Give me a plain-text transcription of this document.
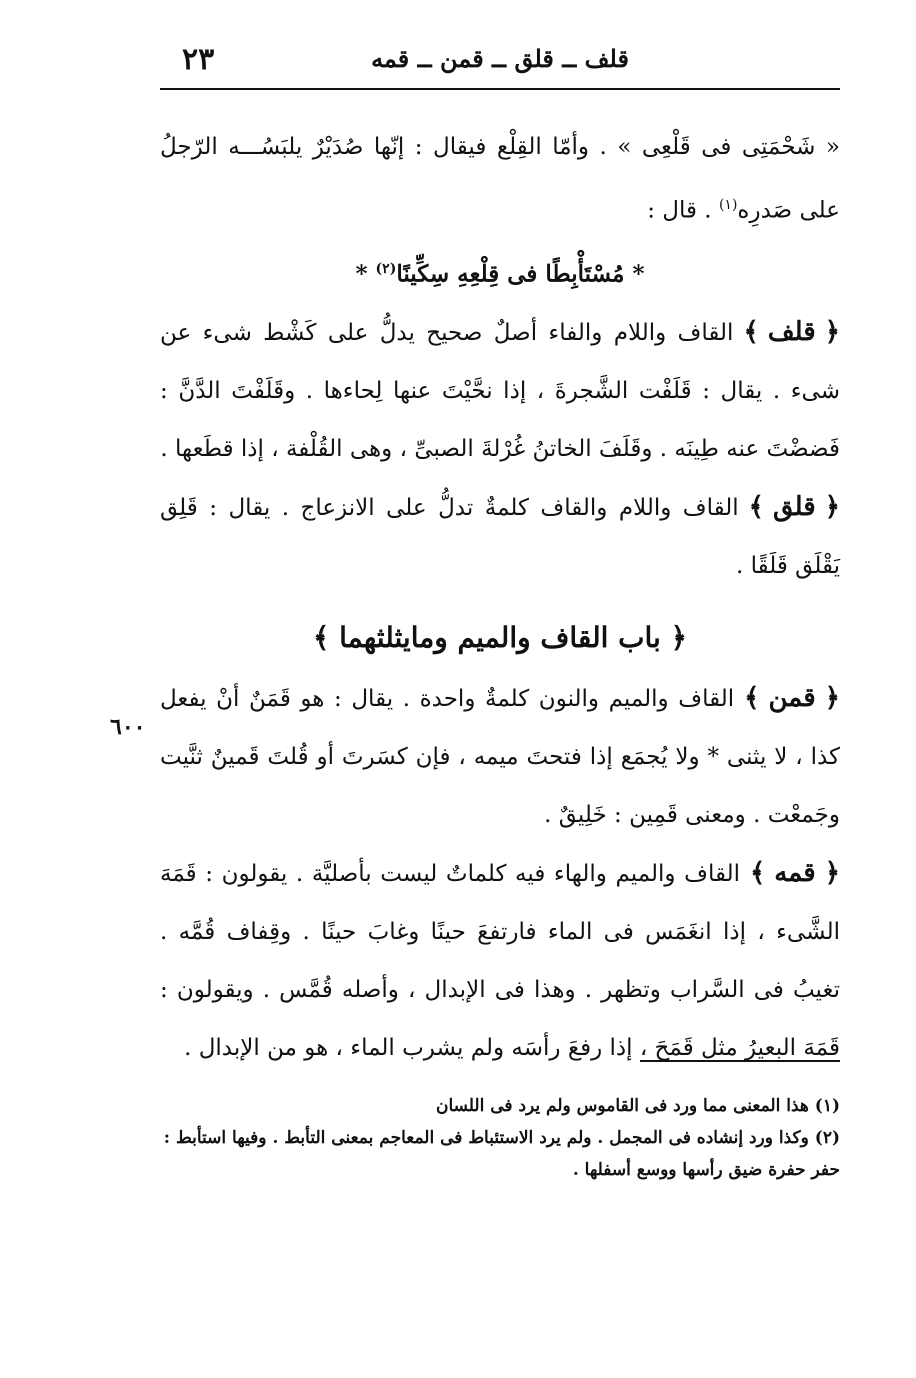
٢٣	قلف ــ قلق ــ قمن ــ قمه

« شَحْمَتِى فى قَلْعِى » . وأمّا القِلْع فيقال : إنّها صُدَيْرٌ يلبَسُـــه الرّجلُ على صَدرِه$^{(١)}$ . قال :

* مُسْتَأْبِطًا فى قِلْعِهِ سِكِّينًا$^{(٢)}$ *

﴿ قلف ﴾القاف واللام والفاء أصلٌ صحيح يدلُّ على كَشْط شىء عن شىء . يقال : قَلَفْت الشَّجرةَ ، إذا نحَّيْتَ عنها لِحاءها . وقَلَفْتَ الدَّنَّ : فَضضْتَ عنه طِينَه . وقَلَفَ الخاتنُ غُرْلةَ الصبىِّ ، وهى القُلْفة ، إذا قطَعها .

﴿ قلق ﴾القاف واللام والقاف كلمةٌ تدلُّ على الانزعاج . يقال : قَلِق يَقْلَق قَلَقًا .

﴿ باب القاف والميم ومايثلثهما ﴾

﴿ قمن ﴾القاف والميم والنون كلمةٌ واحدة . يقال : هو قَمَنٌ أنْ يفعل كذا ، لا يثنى * ولا يُجمَع إذا فتحتَ ميمه ، فإن كسَرتَ أو قُلتَ قَمينٌ ثنَّيت وجَمعْت . ومعنى قَمِين : خَلِيقٌ .

﴿ قمه ﴾القاف والميم والهاء فيه كلماتٌ ليست بأصليَّة . يقولون : قَمَهَ الشَّىء ، إذا انغَمَس فى الماء فارتفعَ حينًا وغابَ حينًا . وقِفاف قُمَّه . تغيبُ فى السَّراب وتظهر . وهذا فى الإبدال ، وأصله قُمَّس . ويقولون : قَمَهَ البعيرُ مثل قَمَحَ ، إذا رفعَ رأسَه ولم يشرب الماء ، هو من الإبدال .

٦٠٠

(١) هذا المعنى مما ورد فى القاموس ولم يرد فى اللسان

(٢) وكذا ورد إنشاده فى المجمل . ولم يرد الاستئباط فى المعاجم بمعنى التأبط . وفيها استأبط : حفر حفرة ضيق رأسها ووسع أسفلها .
